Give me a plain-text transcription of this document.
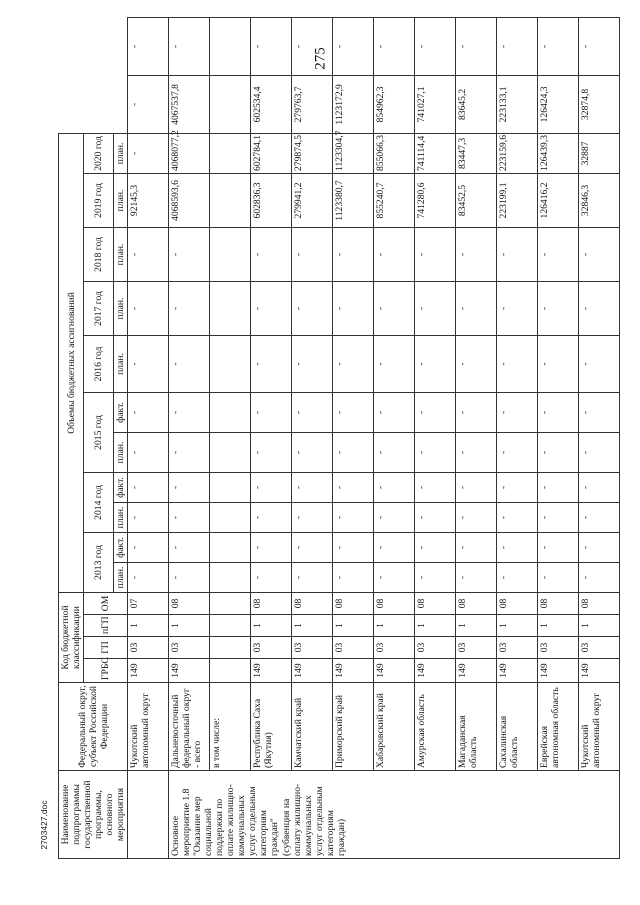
275
2703427.doc Наименование подпрограммы государственной программы, основного мероприятия	Федеральный округ, субъект Российской Федерации	Код бюджетной классификации				Объемы бюджетных ассигнований												
		ГРБС	ГП	пГП	ОМ	2013 год		2014 год		2015 год		2016 год	2017 год	2018 год	2019 год	2020 год		
						план.	факт.	план.	факт.	план.	факт.	план.	план.	план.	план.	план.		
	Чукотский автономный округ	149	03	1	07	-	-	-	-	-	-	-	-	-	92145,3	-	-	-
Основное мероприятие 1.8 "Оказание мер социальной поддержки по оплате жилищно-коммунальных услуг отдельным категориям граждан" (субвенция на оплату жилищно-коммунальных услуг отдельным категориям граждан)	Дальневосточный федеральный округ - всего	149	03	1	08	-	-	-	-	-	-	-	-	-	4068593,6	4068077,2	4067537,8	-
	в том числе:																	
	Республика Саха (Якутия)	149	03	1	08	-	-	-	-	-	-	-	-	-	602836,3	602784,1	602534,4	-
	Камчатский край	149	03	1	08	-	-	-	-	-	-	-	-	-	279941,2	279874,5	279763,7	-
	Приморский край	149	03	1	08	-	-	-	-	-	-	-	-	-	1123380,7	1123304,7	1123172,9	-
	Хабаровский край	149	03	1	08	-	-	-	-	-	-	-	-	-	855240,7	855066,3	854962,3	-
	Амурская область	149	03	1	08	-	-	-	-	-	-	-	-	-	741280,6	741114,4	741027,1	-
	Магаданская область	149	03	1	08	-	-	-	-	-	-	-	-	-	83452,5	83447,3	83645,2	-
	Сахалинская область	149	03	1	08	-	-	-	-	-	-	-	-	-	223199,1	223159,6	223133,1	-
	Еврейская автономная область	149	03	1	08	-	-	-	-	-	-	-	-	-	126416,2	126439,3	126424,3	-
	Чукотский автономный округ	149	03	1	08	-	-	-	-	-	-	-	-	-	32846,3	32887	32874,8	-
